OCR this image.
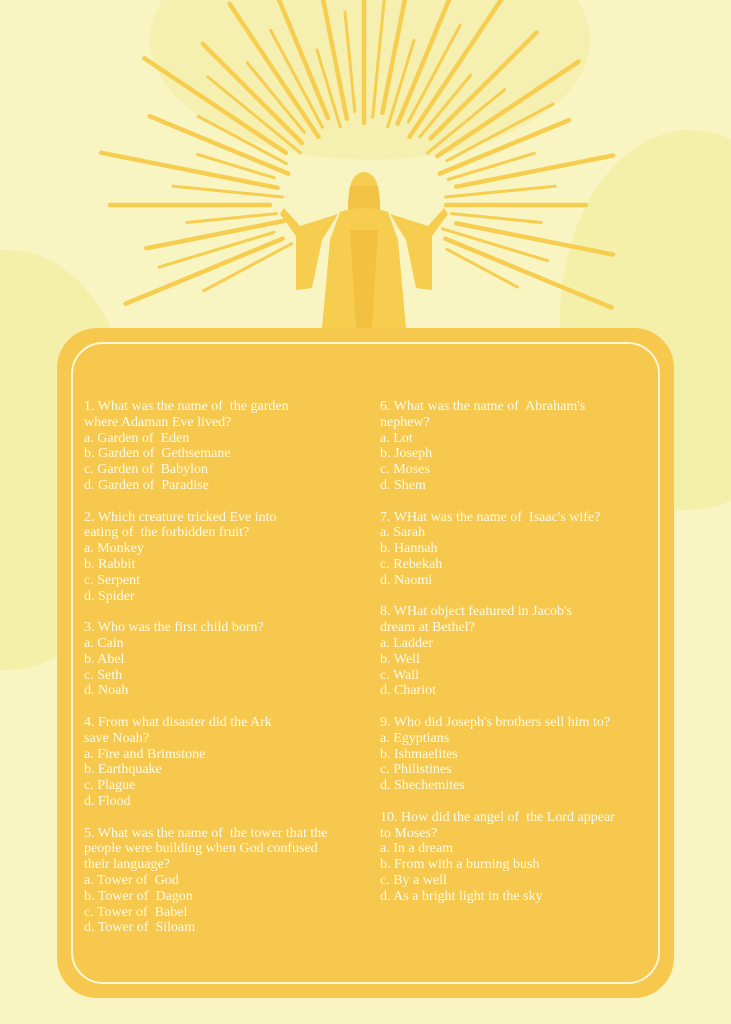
1. What was the name of  the garden
where Adaman Eve lived?
a. Garden of  Eden
b. Garden of  Gethsemane
c. Garden of  Babylon
d. Garden of  Paradise
2. Which creature tricked Eve into
eating of  the forbidden fruit?
a. Monkey
b. Rabbit
c. Serpent
d. Spider
3. Who was the first child born?
a. Cain
b. Abel
c. Seth
d. Noah
4. From what disaster did the Ark
save Noah?
a. Fire and Brimstone
b. Earthquake
c. Plague
d. Flood
5. What was the name of  the tower that the
people were building when God confused
their language?
a. Tower of  God
b. Tower of  Dagon
c. Tower of  Babel
d. Tower of  Siloam
6. What was the name of  Abraham's
nephew?
a. Lot
b. Joseph
c. Moses
d. Shem
7. WHat was the name of  Isaac's wife?
a. Sarah
b. Hannah
c. Rebekah
d. Naomi
8. WHat object featured in Jacob's
dream at Bethel?
a. Ladder
b. Well
c. Wall
d. Chariot
9. Who did Joseph's brothers sell him to?
a. Egyptians
b. Ishmaelites
c. Philistines
d. Shechemites
10. How did the angel of  the Lord appear
to Moses?
a. In a dream
b. From with a burning bush
c. By a well
d. As a bright light in the sky
